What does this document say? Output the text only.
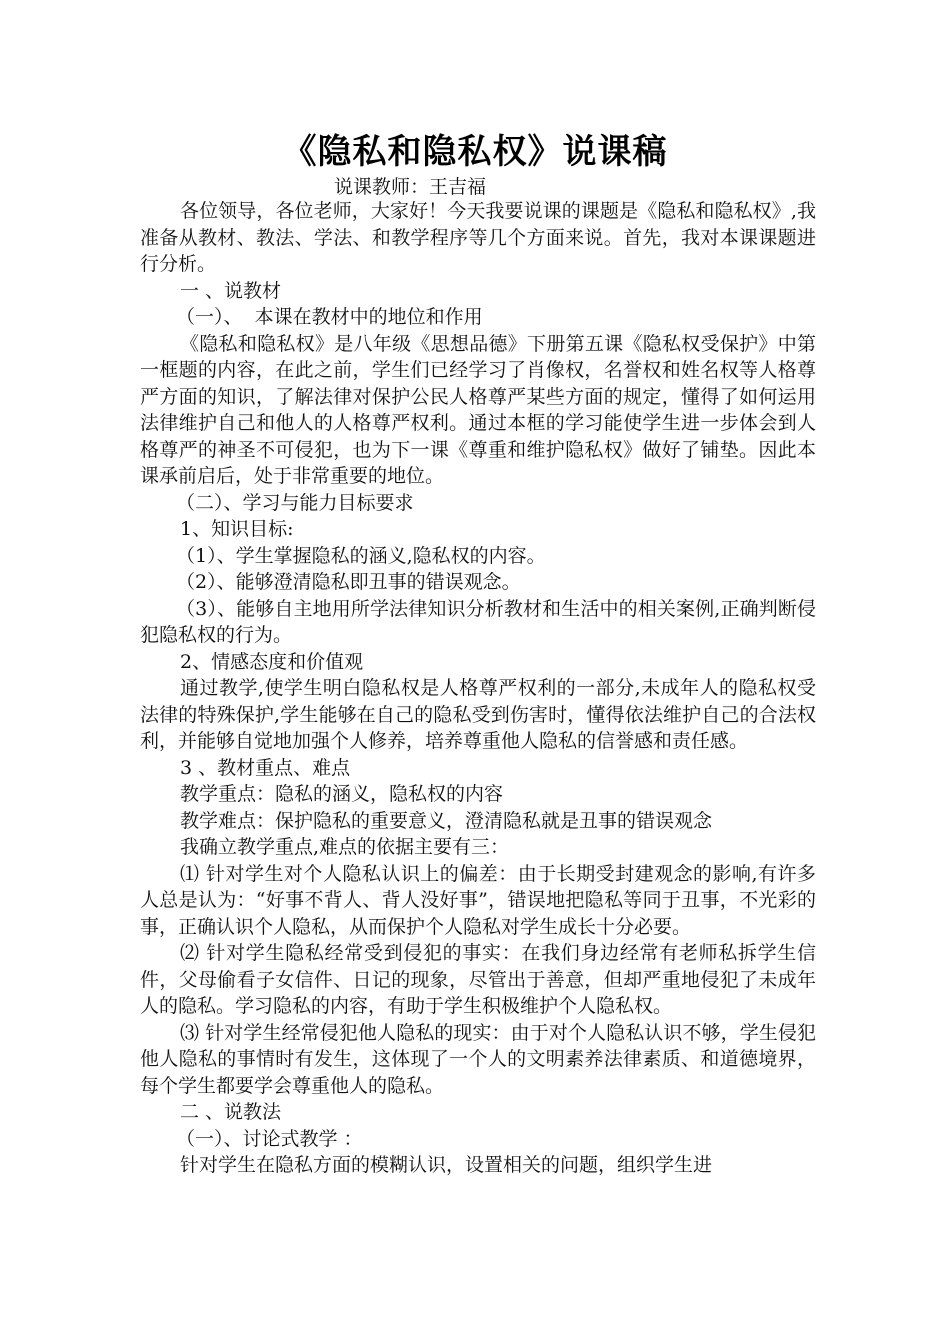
《隐私和隐私权》说课稿
说课教师：王吉福

各位领导，各位老师，大家好！今天我要说课的课题是《隐私和隐私权》,我准备从教材、教法、学法、和教学程序等几个方面来说。首先，我对本课课题进行分析。

一 、说教材

（一）、  本课在教材中的地位和作用

《隐私和隐私权》是八年级《思想品德》下册第五课《隐私权受保护》中第一框题的内容，在此之前，学生们已经学习了肖像权，名誉权和姓名权等人格尊严方面的知识，了解法律对保护公民人格尊严某些方面的规定，懂得了如何运用法律维护自己和他人的人格尊严权利。通过本框的学习能使学生进一步体会到人格尊严的神圣不可侵犯，也为下一课《尊重和维护隐私权》做好了铺垫。因此本课承前启后，处于非常重要的地位。

（二）、学习与能力目标要求

1、知识目标:

（1）、学生掌握隐私的涵义,隐私权的内容。

（2）、能够澄清隐私即丑事的错误观念。

（3）、能够自主地用所学法律知识分析教材和生活中的相关案例,正确判断侵犯隐私权的行为。

2、情感态度和价值观

通过教学,使学生明白隐私权是人格尊严权利的一部分,未成年人的隐私权受法律的特殊保护,学生能够在自己的隐私受到伤害时，懂得依法维护自己的合法权利，并能够自觉地加强个人修养，培养尊重他人隐私的信誉感和责任感。

3 、教材重点、难点

教学重点：隐私的涵义，隐私权的内容

教学难点：保护隐私的重要意义，澄清隐私就是丑事的错误观念

我确立教学重点,难点的依据主要有三：

⑴ 针对学生对个人隐私认识上的偏差：由于长期受封建观念的影响,有许多人总是认为：“好事不背人、背人没好事”，错误地把隐私等同于丑事，不光彩的事，正确认识个人隐私，从而保护个人隐私对学生成长十分必要。

⑵ 针对学生隐私经常受到侵犯的事实：在我们身边经常有老师私拆学生信件，父母偷看子女信件、日记的现象，尽管出于善意，但却严重地侵犯了未成年人的隐私。学习隐私的内容，有助于学生积极维护个人隐私权。

⑶ 针对学生经常侵犯他人隐私的现实：由于对个人隐私认识不够，学生侵犯他人隐私的事情时有发生，这体现了一个人的文明素养法律素质、和道德境界，每个学生都要学会尊重他人的隐私。

二 、说教法

（一）、讨论式教学 ：

针对学生在隐私方面的模糊认识，设置相关的问题，组织学生进
